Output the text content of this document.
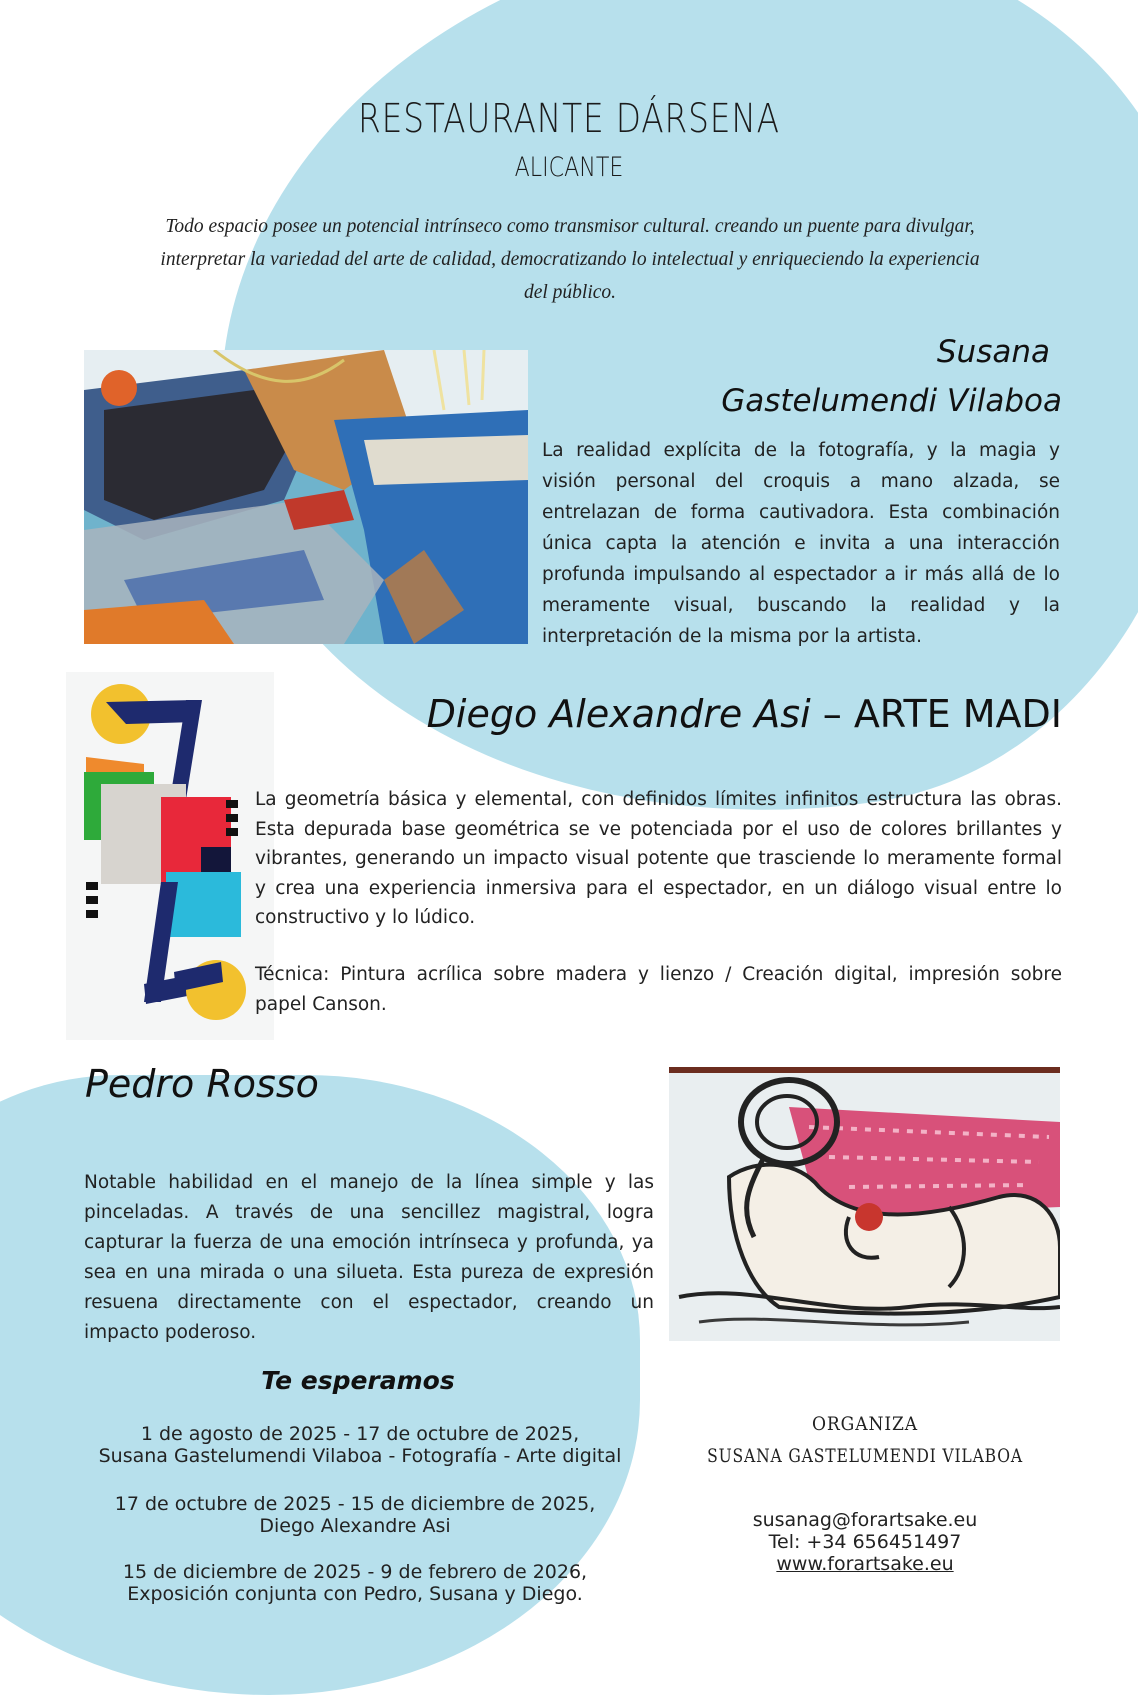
RESTAURANTE DÁRSENA
ALICANTE
Todo espacio posee un potencial intrínseco como transmisor cultural. creando un puente para divulgar, interpretar la variedad del arte de calidad, democratizando lo intelectual y enriqueciendo la experiencia del público.
Susana
Gastelumendi Vilaboa
La realidad explícita de la fotografía, y la magia y visión personal del croquis a mano alzada, se entrelazan de forma cautivadora. Esta combinación única capta la atención e invita a una interacción profunda impulsando al espectador a ir más allá de lo meramente visual, buscando la realidad y la interpretación de la misma por la artista.
Diego Alexandre Asi – ARTE MADI
La geometría básica y elemental, con definidos límites infinitos estructura las obras. Esta depurada base geométrica se ve potenciada por el uso de colores brillantes y vibrantes, generando un impacto visual potente que trasciende lo meramente formal y crea una experiencia inmersiva para el espectador, en un diálogo visual entre lo constructivo y lo lúdico.
Técnica: Pintura acrílica sobre madera y lienzo / Creación digital, impresión sobre papel Canson.
Pedro Rosso
Notable habilidad en el manejo de la línea simple y las pinceladas. A través de una sencillez magistral, logra capturar la fuerza de una emoción intrínseca y profunda, ya sea en una mirada o una silueta. Esta pureza de expresión resuena directamente con el espectador, creando un impacto poderoso.
Te esperamos
1 de agosto de 2025 - 17 de octubre de 2025,
Susana Gastelumendi Vilaboa - Fotografía - Arte digital
17 de octubre de 2025 - 15 de diciembre de 2025,
Diego Alexandre Asi
15 de diciembre de 2025 - 9 de febrero de 2026,
Exposición conjunta con Pedro, Susana y Diego.
ORGANIZA
SUSANA GASTELUMENDI VILABOA
susanag@forartsake.eu
Tel: +34 656451497
www.forartsake.eu
